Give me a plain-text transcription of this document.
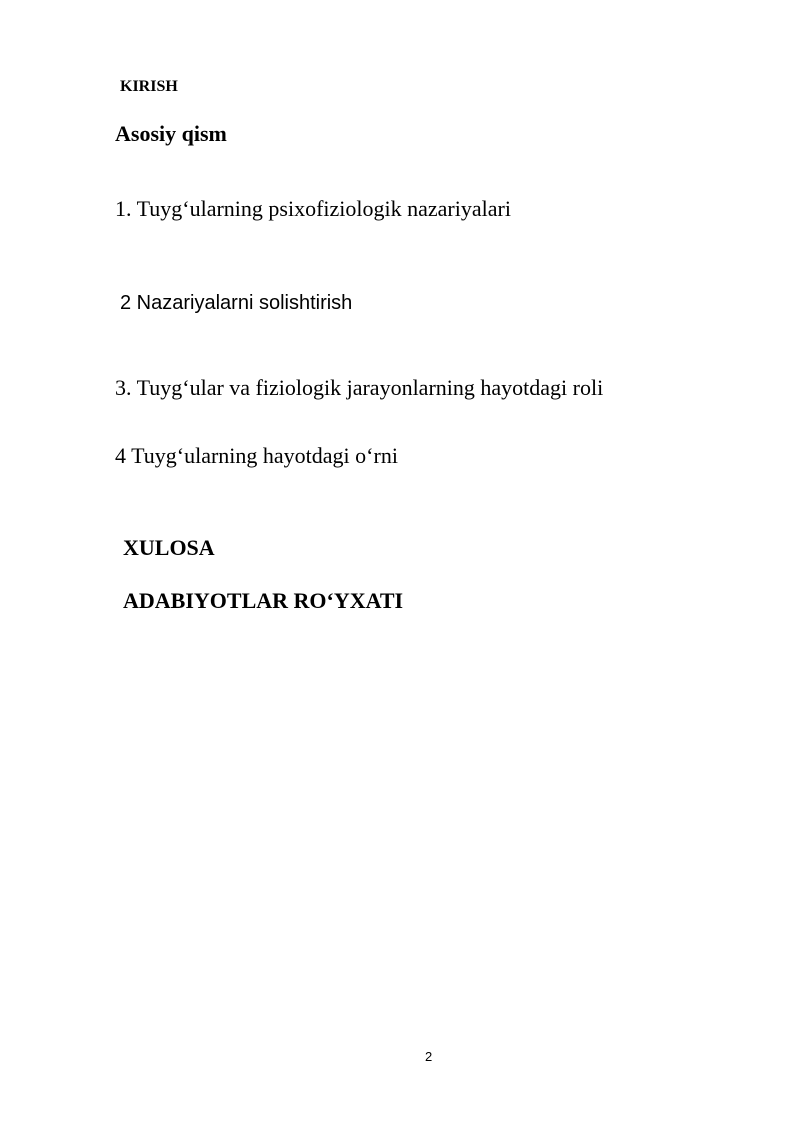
KIRISH
Asosiy qism
1. Tuyg‘ularning psixofiziologik nazariyalari
2 Nazariyalarni solishtirish
3. Tuyg‘ular va fiziologik jarayonlarning hayotdagi roli
4 Tuyg‘ularning hayotdagi o‘rni
XULOSA
ADABIYOTLAR RO‘YXATI
2
